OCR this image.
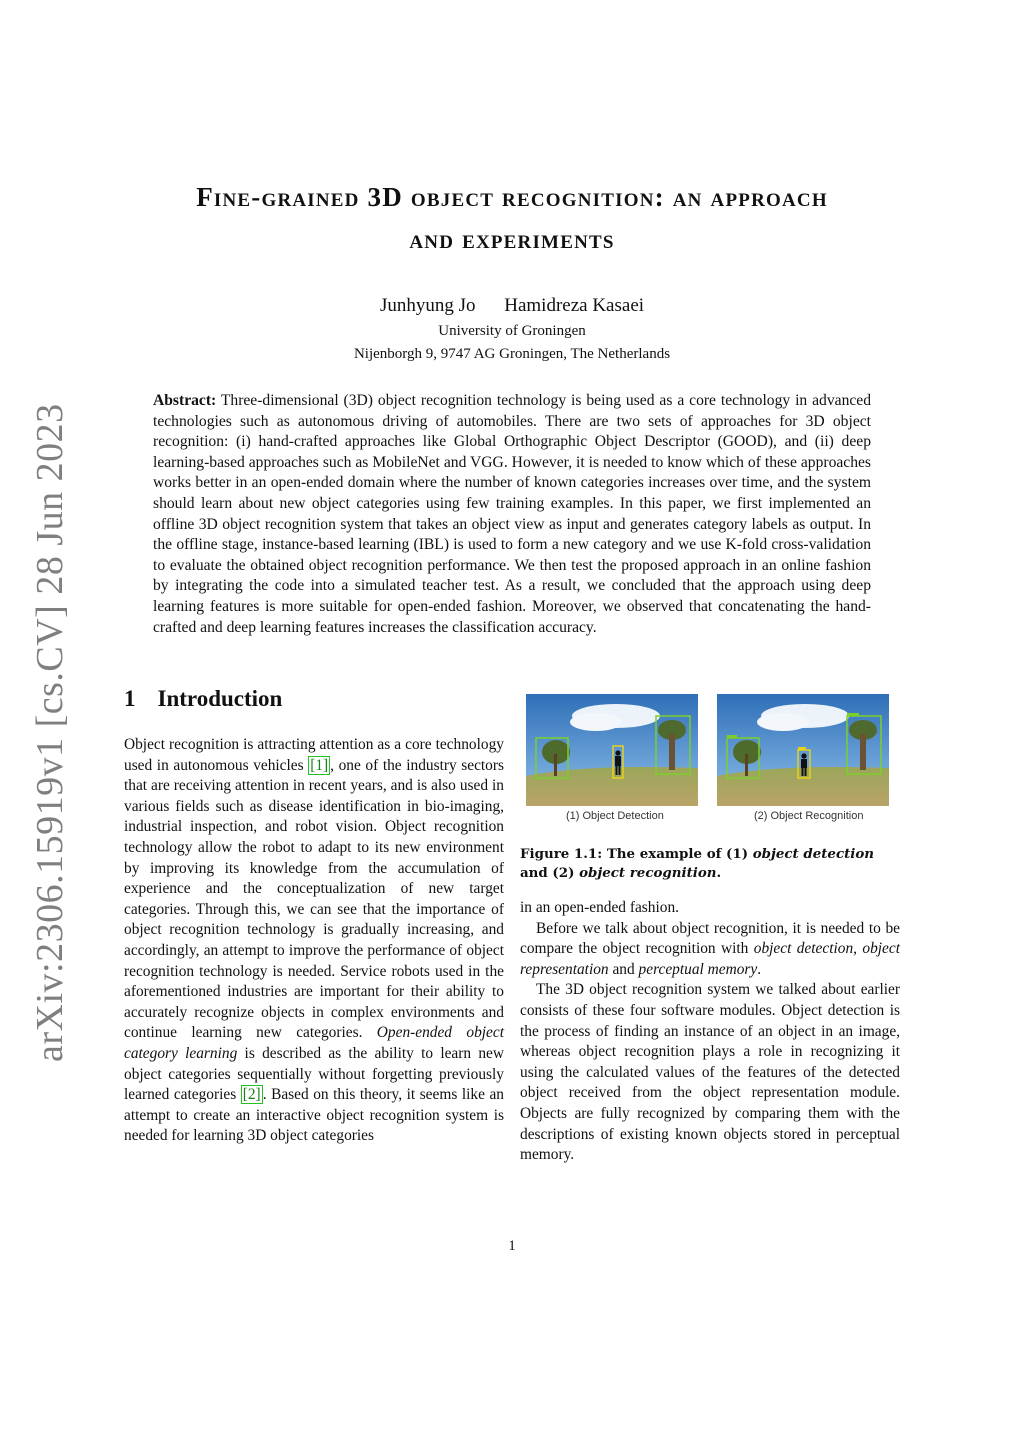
arXiv:2306.15919v1 [cs.CV] 28 Jun 2023
Fine-grained 3D object recognition: an approach
and experiments
Junhyung Jo Hamidreza Kasaei
University of Groningen
Nijenborgh 9, 9747 AG Groningen, The Netherlands
Abstract: Three-dimensional (3D) object recognition technology is being used as a core technology in advanced technologies such as autonomous driving of automobiles. There are two sets of approaches for 3D object recognition: (i) hand-crafted approaches like Global Orthographic Object Descriptor (GOOD), and (ii) deep learning-based approaches such as MobileNet and VGG. However, it is needed to know which of these approaches works better in an open-ended domain where the number of known categories increases over time, and the system should learn about new object categories using few training examples. In this paper, we first implemented an offline 3D object recognition system that takes an object view as input and generates category labels as output. In the offline stage, instance-based learning (IBL) is used to form a new category and we use K-fold cross-validation to evaluate the obtained object recognition performance. We then test the proposed approach in an online fashion by integrating the code into a simulated teacher test. As a result, we concluded that the approach using deep learning features is more suitable for open-ended fashion. Moreover, we observed that concatenating the hand-crafted and deep learning features increases the classification accuracy.
1 Introduction

Object recognition is attracting attention as a core technology used in autonomous vehicles [1] , one of the industry sectors that are receiving attention in recent years, and is also used in various fields such as disease identification in bio-imaging, industrial inspection, and robot vision. Object recognition technology allow the robot to adapt to its new environment by improving its knowledge from the accumulation of experience and the conceptualization of new target categories. Through this, we can see that the importance of object recognition technology is gradually increasing, and accordingly, an attempt to improve the performance of object recognition technology is needed. Service robots used in the aforementioned industries are important for their ability to accurately recognize objects in complex environments and continue learning new categories. Open-ended object category learning is described as the ability to learn new object categories sequentially without forgetting previously learned categories [2] . Based on this theory, it seems like an attempt to create an interactive object recognition system is needed for learning 3D object categories

(1) Object Detection	(2) Object Recognition
Figure 1.1: The example of (1) object detection and (2) object recognition.

in an open-ended fashion.

Before we talk about object recognition, it is needed to be compare the object recognition with object detection, object representation and perceptual memory.

The 3D object recognition system we talked about earlier consists of these four software modules. Object detection is the process of finding an instance of an object in an image, whereas object recognition plays a role in recognizing it using the calculated values of the features of the detected object received from the object representation module. Objects are fully recognized by comparing them with the descriptions of existing known objects stored in perceptual memory.

1
